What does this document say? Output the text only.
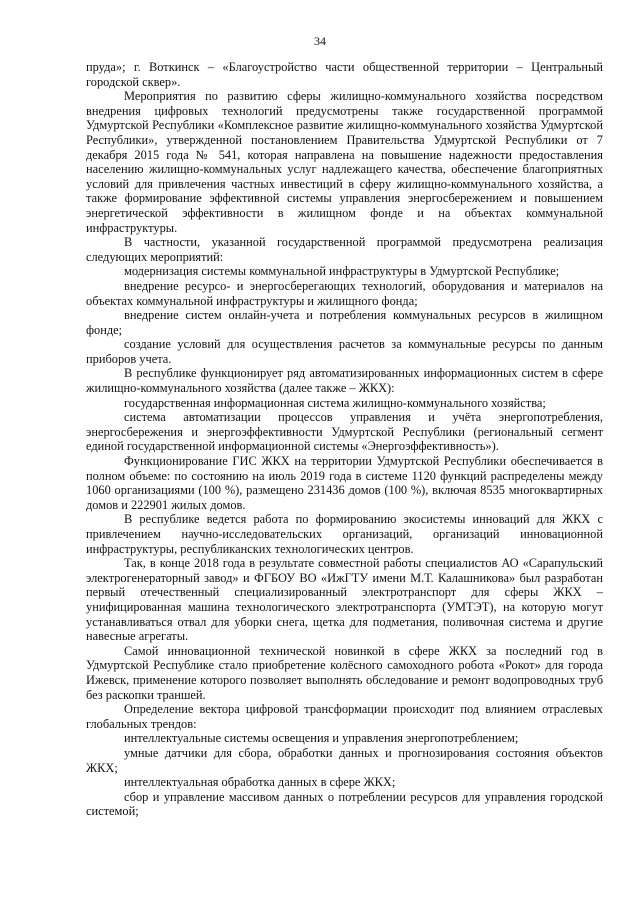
34

пруда»; г. Воткинск – «Благоустройство части общественной территории – Центральный городской сквер».

Мероприятия по развитию сферы жилищно-коммунального хозяйства посредством внедрения цифровых технологий предусмотрены также государственной программой Удмуртской Республики «Комплексное развитие жилищно-коммунального хозяйства Удмуртской Республики», утвержденной постановлением Правительства Удмуртской Республики от 7 декабря 2015 года № 541, которая направлена на повышение надежности предоставления населению жилищно-коммунальных услуг надлежащего качества, обеспечение благоприятных условий для привлечения частных инвестиций в сферу жилищно-коммунального хозяйства, а также формирование эффективной системы управления энергосбережением и повышением энергетической эффективности в жилищном фонде и на объектах коммунальной инфраструктуры.

В частности, указанной государственной программой предусмотрена реализация следующих мероприятий:

модернизация системы коммунальной инфраструктуры в Удмуртской Республике;

внедрение ресурсо- и энергосберегающих технологий, оборудования и материалов на объектах коммунальной инфраструктуры и жилищного фонда;

внедрение систем онлайн-учета и потребления коммунальных ресурсов в жилищном фонде;

создание условий для осуществления расчетов за коммунальные ресурсы по данным приборов учета.

В республике функционирует ряд автоматизированных информационных систем в сфере жилищно-коммунального хозяйства (далее также – ЖКХ):

государственная информационная система жилищно-коммунального хозяйства;

система автоматизации процессов управления и учёта энергопотребления, энергосбережения и энергоэффективности Удмуртской Республики (региональный сегмент единой государственной информационной системы «Энергоэффективность»).

Функционирование ГИС ЖКХ на территории Удмуртской Республики обеспечивается в полном объеме: по состоянию на июль 2019 года в системе 1120 функций распределены между 1060 организациями (100 %), размещено 231436 домов (100 %), включая 8535 многоквартирных домов и 222901 жилых домов.

В республике ведется работа по формированию экосистемы инноваций для ЖКХ с привлечением научно-исследовательских организаций, организаций инновационной инфраструктуры, республиканских технологических центров.

Так, в конце 2018 года в результате совместной работы специалистов АО «Сарапульский электрогенераторный завод» и ФГБОУ ВО «ИжГТУ имени М.Т. Калашникова» был разработан первый отечественный специализированный электротранспорт для сферы ЖКХ – унифицированная машина технологического электротранспорта (УМТЭТ), на которую могут устанавливаться отвал для уборки снега, щетка для подметания, поливочная система и другие навесные агрегаты.

Самой инновационной технической новинкой в сфере ЖКХ за последний год в Удмуртской Республике стало приобретение колёсного самоходного робота «Рокот» для города Ижевск, применение которого позволяет выполнять обследование и ремонт водопроводных труб без раскопки траншей.

Определение вектора цифровой трансформации происходит под влиянием отраслевых глобальных трендов:

интеллектуальные системы освещения и управления энергопотреблением;

умные датчики для сбора, обработки данных и прогнозирования состояния объектов ЖКХ;

интеллектуальная обработка данных в сфере ЖКХ;

сбор и управление массивом данных о потреблении ресурсов для управления городской системой;
